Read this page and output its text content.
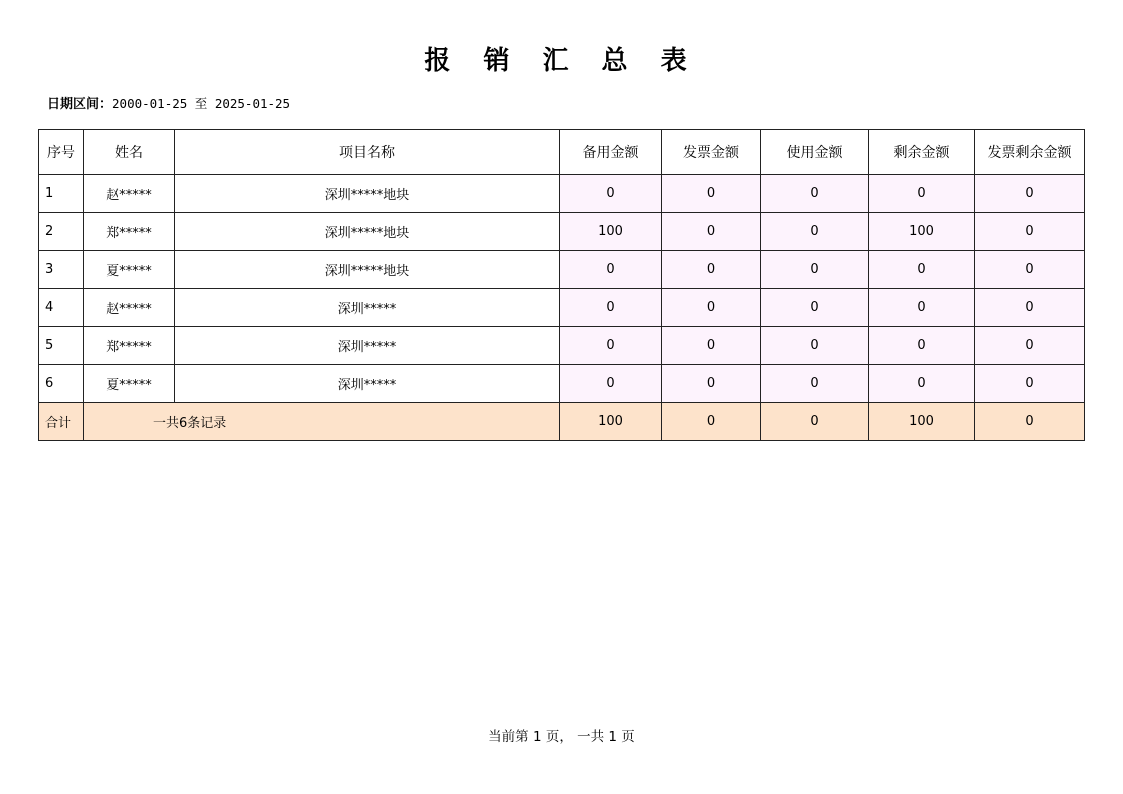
报 销 汇 总 表
日期区间：2000-01-25 至 2025-01-25
序号	姓名	项目名称	备用金额	发票金额	使用金额	剩余金额	发票剩余金额
1	赵*****	深圳*****地块	0	0	0	0	0
2	郑*****	深圳*****地块	100	0	0	100	0
3	夏*****	深圳*****地块	0	0	0	0	0
4	赵*****	深圳*****	0	0	0	0	0
5	郑*****	深圳*****	0	0	0	0	0
6	夏*****	深圳*****	0	0	0	0	0
合计	一共6条记录		100	0	0	100	0
当前第 1 页， 一共 1 页
